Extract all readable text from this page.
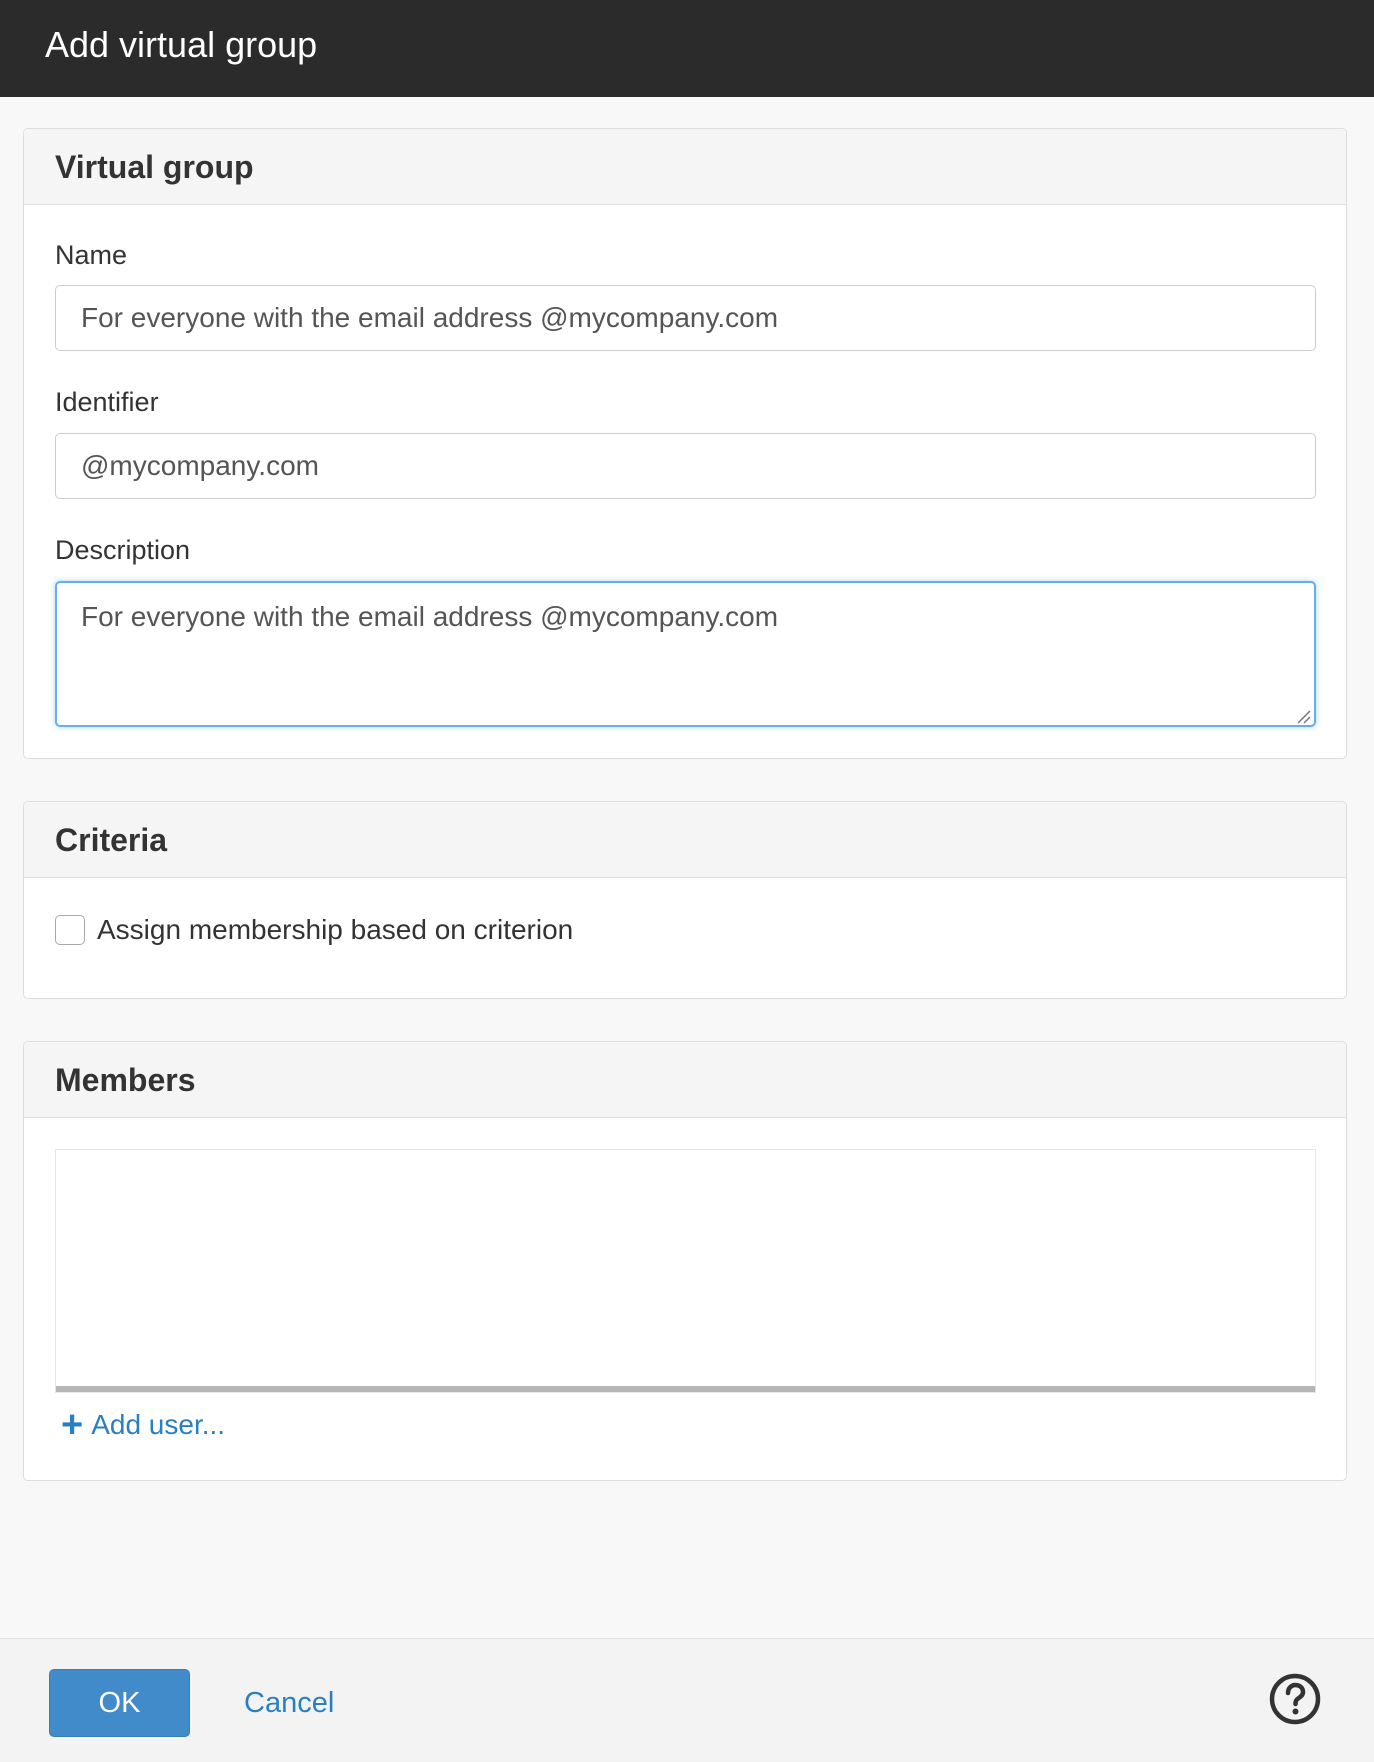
Add virtual group
Virtual group
Name
For everyone with the email address @mycompany.com
Identifier
@mycompany.com
Description
For everyone with the email address @mycompany.com
Criteria
Assign membership based on criterion
Members
+ Add user...
OK	Cancel
